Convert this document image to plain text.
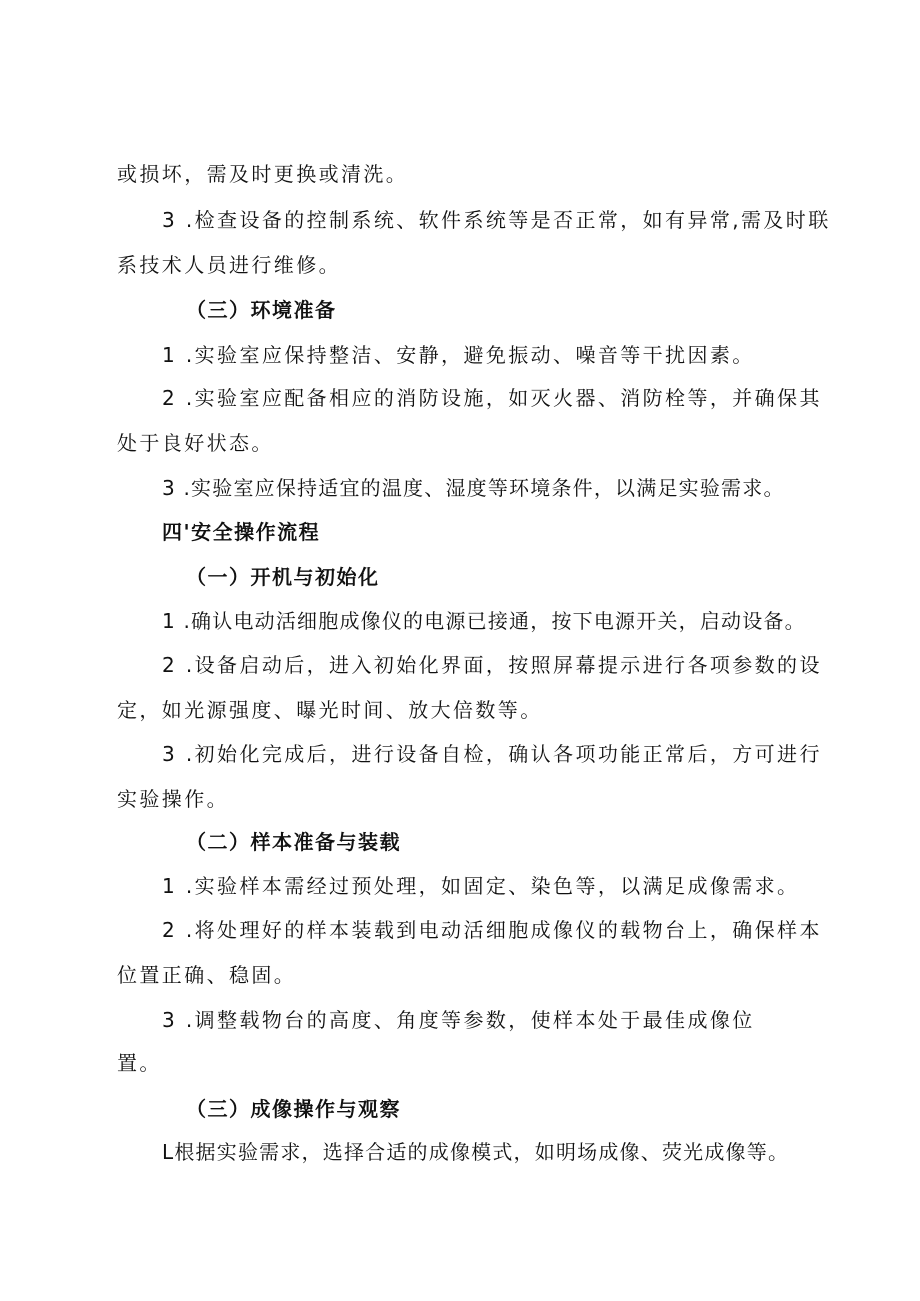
或损坏，需及时更换或清洗。

3 .检查设备的控制系统、软件系统等是否正常，如有异常,需及时联

系技术人员进行维修。

（三）环境准备

1 .实验室应保持整洁、安静，避免振动、噪音等干扰因素。

2 .实验室应配备相应的消防设施，如灭火器、消防栓等，并确保其

处于良好状态。

3 .实验室应保持适宜的温度、湿度等环境条件，以满足实验需求。

四'安全操作流程

（一）开机与初始化

1 .确认电动活细胞成像仪的电源已接通，按下电源开关，启动设备。

2 .设备启动后，进入初始化界面，按照屏幕提示进行各项参数的设

定，如光源强度、曝光时间、放大倍数等。

3 .初始化完成后，进行设备自检，确认各项功能正常后，方可进行

实验操作。

（二）样本准备与装载

1 .实验样本需经过预处理，如固定、染色等，以满足成像需求。

2 .将处理好的样本装载到电动活细胞成像仪的载物台上，确保样本

位置正确、稳固。

3 .调整载物台的高度、角度等参数，使样本处于最佳成像位

置。

（三）成像操作与观察

L根据实验需求，选择合适的成像模式，如明场成像、荧光成像等。
